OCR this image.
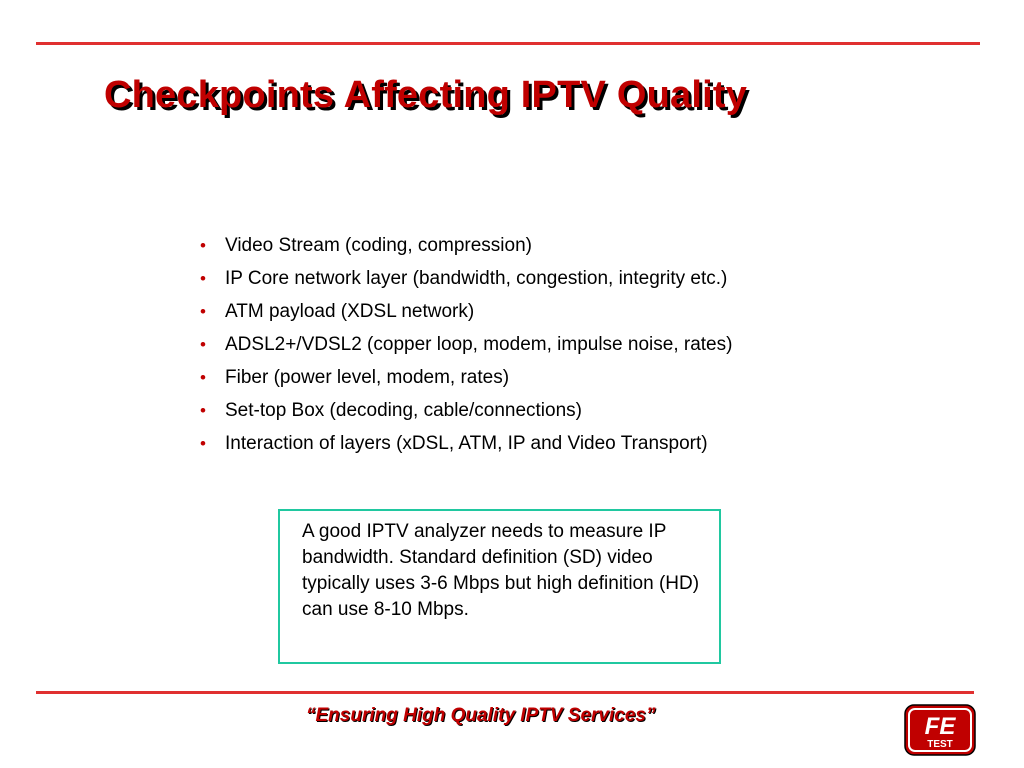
Checkpoints Affecting IPTV Quality
• Video Stream (coding, compression)
• IP Core network layer (bandwidth, congestion, integrity etc.)
• ATM payload (XDSL network)
• ADSL2+/VDSL2 (copper loop, modem, impulse noise, rates)
• Fiber (power level, modem, rates)
• Set-top Box (decoding, cable/connections)
• Interaction of layers (xDSL, ATM, IP and Video Transport)
A good IPTV analyzer needs to measure IP bandwidth. Standard definition (SD) video typically uses 3-6 Mbps but high definition (HD) can use 8-10 Mbps.
“Ensuring High Quality IPTV Services”	FE
TEST
